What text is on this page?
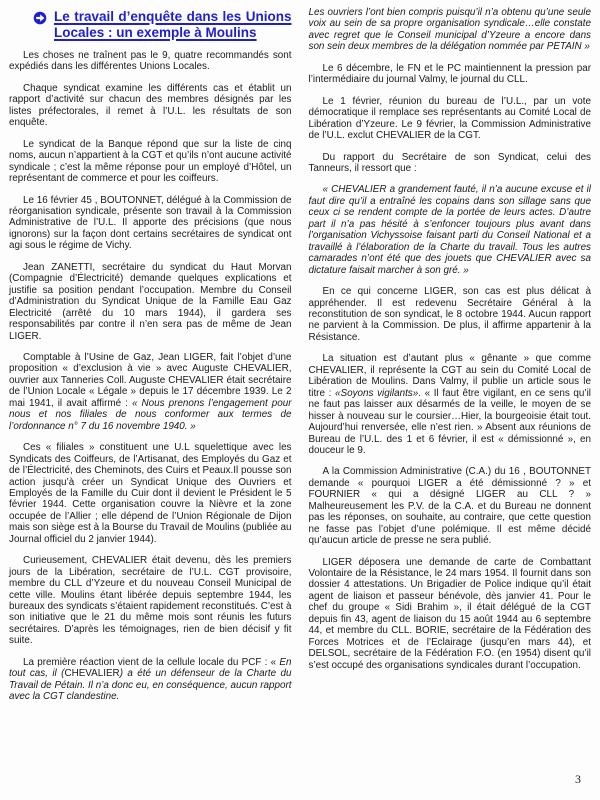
Le travail d’enquête dans les Unions Locales : un exemple à Moulins

Les choses ne traînent pas le 9, quatre recommandés sont expédiés dans les différentes Unions Locales.

Chaque syndicat examine les différents cas et établit un rapport d’activité sur chacun des membres désignés par les listes préfectorales, il remet à l’U.L. les résultats de son enquête.

Le syndicat de la Banque répond que sur la liste de cinq noms, aucun n’appartient à la CGT et qu’ils n’ont aucune activité syndicale ; c’est la même réponse pour un employé d’Hôtel, un représentant de commerce et pour les coiffeurs.

Le 16 février 45 , BOUTONNET, délégué à la Commission de réorganisation syndicale, présente son travail à la Commission Administrative de l’U.L. Il apporte des précisions (que nous ignorons) sur la façon dont certains secrétaires de syndicat ont agi sous le régime de Vichy.

Jean ZANETTI, secrétaire du syndicat du Haut Morvan (Compagnie d’Électricité) demande quelques explications et justifie sa position pendant l’occupation. Membre du Conseil d’Administration du Syndicat Unique de la Famille Eau Gaz Electricité (arrêté du 10 mars 1944), il gardera ses responsabilités par contre il n’en sera pas de même de Jean LIGER.

Comptable à l’Usine de Gaz, Jean LIGER, fait l’objet d’une proposition « d’exclusion à vie » avec Auguste CHEVALIER, ouvrier aux Tanneries Coll. Auguste CHEVALIER était secrétaire de l’Union Locale « Légale » depuis le 17 décembre 1939. Le 2 mai 1941, il avait affirmé : « Nous prenons l’engagement pour nous et nos filiales de nous conformer aux termes de l’ordonnance n° 7 du 16 novembre 1940. »

Ces « filiales » constituent une U.L squelettique avec les Syndicats des Coiffeurs, de l’Artisanat, des Employés du Gaz et de l’Électricité, des Cheminots, des Cuirs et Peaux.Il pousse son action jusqu’à créer un Syndicat Unique des Ouvriers et Employés de la Famille du Cuir dont il devient le Président le 5 février 1944. Cette organisation couvre la Nièvre et la zone occupée de l’Allier ; elle dépend de l’Union Régionale de Dijon mais son siège est à la Bourse du Travail de Moulins (publiée au Journal officiel du 2 janvier 1944).

Curieusement, CHEVALIER était devenu, dès les premiers jours de la Libération, secrétaire de l’U.L. CGT provisoire, membre du CLL d’Yzeure et du nouveau Conseil Municipal de cette ville. Moulins étant libérée depuis septembre 1944, les bureaux des syndicats s’étaient rapidement reconstitués. C’est à son initiative que le 21 du même mois sont réunis les futurs secrétaires. D’après les témoignages, rien de bien décisif y fit suite.

La première réaction vient de la cellule locale du PCF : « En tout cas, il (CHEVALIER) a été un défenseur de la Charte du Travail de Pétain. Il n’a donc eu, en conséquence, aucun rapport avec la CGT clandestine.

Les ouvriers l’ont bien compris puisqu’il n’a obtenu qu’une seule voix au sein de sa propre organisation syndicale…elle constate avec regret que le Conseil municipal d’Yzeure a encore dans son sein deux membres de la délégation nommée par PETAIN »

Le 6 décembre, le FN et le PC maintiennent la pression par l’intermédiaire du journal Valmy, le journal du CLL.

Le 1 février, réunion du bureau de l’U.L., par un vote démocratique il remplace ses représentants au Comité Local de Libération d’Yzeure. Le 9 février, la Commission Administrative de l’U.L. exclut CHEVALIER de la CGT.

Du rapport du Secrétaire de son Syndicat, celui des Tanneurs, il ressort que :

« CHEVALIER a grandement fauté, il n’a aucune excuse et il faut dire qu’il a entraîné les copains dans son sillage sans que ceux ci se rendent compte de la portée de leurs actes. D’autre part il n’a pas hésité à s’enfoncer toujours plus avant dans l’organisation Vichyssoise faisant parti du Conseil National et a travaillé à l’élaboration de la Charte du travail. Tous les autres camarades n’ont été que des jouets que CHEVALIER avec sa dictature faisait marcher à son gré. »

En ce qui concerne LIGER, son cas est plus délicat à appréhender. Il est redevenu Secrétaire Général à la reconstitution de son syndicat, le 8 octobre 1944. Aucun rapport ne parvient à la Commission. De plus, il affirme appartenir à la Résistance.

La situation est d’autant plus « gênante » que comme CHEVALIER, il représente la CGT au sein du Comité Local de Libération de Moulins. Dans Valmy, il publie un article sous le titre : «Soyons vigilants». « Il faut être vigilant, en ce sens qu’il ne faut pas laisser aux désarmés de la veille, le moyen de se hisser à nouveau sur le coursier…Hier, la bourgeoisie était tout. Aujourd’hui renversée, elle n’est rien. » Absent aux réunions de Bureau de l’U.L. des 1 et 6 février, il est « démissionné », en douceur le 9.

A la Commission Administrative (C.A.) du 16 , BOUTONNET demande « pourquoi LIGER a été démissionné ? » et FOURNIER « qui a désigné LIGER au CLL ? » Malheureusement les P.V. de la C.A. et du Bureau ne donnent pas les réponses, on souhaite, au contraire, que cette question ne fasse pas l’objet d’une polémique. Il est même décidé qu’aucun article de presse ne sera publié.

LIGER déposera une demande de carte de Combattant Volontaire de la Résistance, le 24 mars 1954. Il fournit dans son dossier 4 attestations. Un Brigadier de Police indique qu’il était agent de liaison et passeur bénévole, dès janvier 41. Pour le chef du groupe « Sidi Brahim », il était délégué de la CGT depuis fin 43, agent de liaison du 15 août 1944 au 6 septembre 44, et membre du CLL. BORIE, secrétaire de la Fédération des Forces Motrices et de l’Eclairage (jusqu’en mars 44), et DELSOL, secrétaire de la Fédération F.O. (en 1954) disent qu’il s’est occupé des organisations syndicales durant l’occupation.

3
